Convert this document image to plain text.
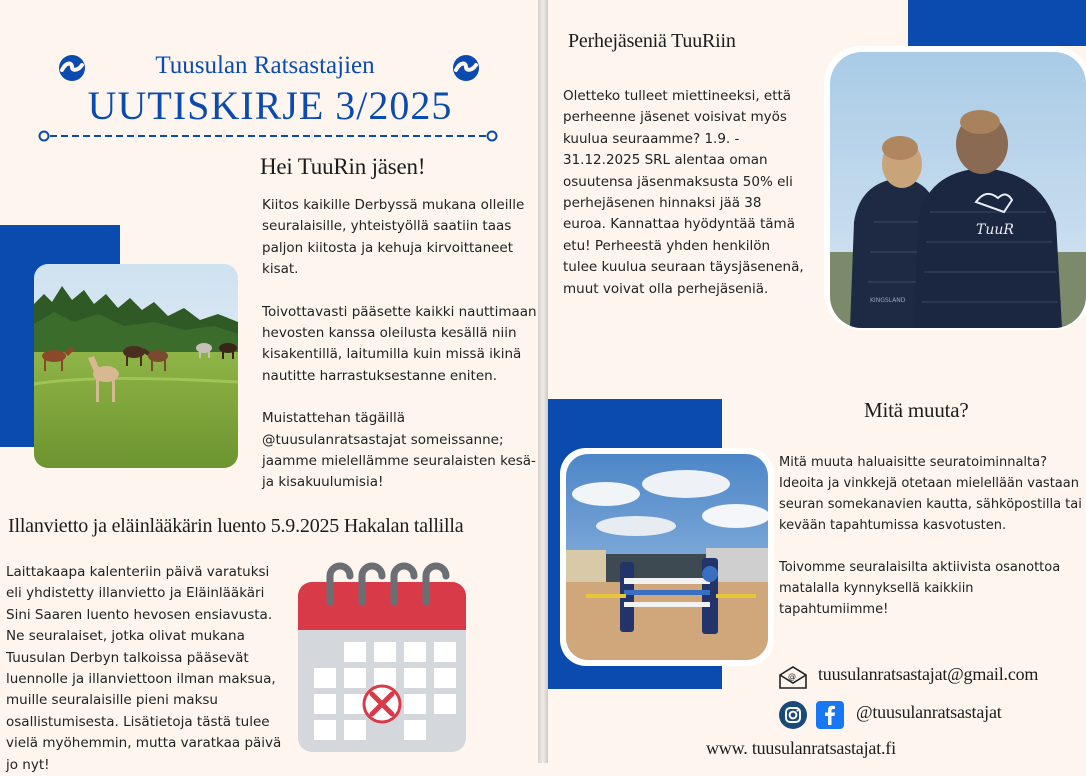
Tuusulan Ratsastajien
UUTISKIRJE 3/2025
Hei TuuRin jäsen!

Kiitos kaikille Derbyssä mukana olleille seuralaisille, yhteistyöllä saatiin taas paljon kiitosta ja kehuja kirvoittaneet kisat.

Toivottavasti pääsette kaikki nauttimaan hevosten kanssa oleilusta kesällä niin kisakentillä, laitumilla kuin missä ikinä nautitte harrastuksestanne eniten.

Muistattehan tägäillä @tuusulanratsastajat someissanne; jaamme mielellämme seuralaisten kesä- ja kisakuulumisia!

Illanvietto ja eläinlääkärin luento 5.9.2025 Hakalan tallilla
Laittakaapa kalenteriin päivä varatuksi eli yhdistetty illanvietto ja Eläinlääkäri Sini Saaren luento hevosen ensiavusta. Ne seuralaiset, jotka olivat mukana Tuusulan Derbyn talkoissa pääsevät luennolle ja illanviettoon ilman maksua, muille seuralaisille pieni maksu osallistumisesta. Lisätietoja tästä tulee vielä myöhemmin, mutta varatkaa päivä jo nyt!
Perhejäseniä TuuRiin
Oletteko tulleet miettineeksi, että perheenne jäsenet voisivat myös kuulua seuraamme? 1.9. - 31.12.2025 SRL alentaa oman osuutensa jäsenmaksusta 50% eli perhejäsenen hinnaksi jää 38 euroa. Kannattaa hyödyntää tämä etu! Perheestä yhden henkilön tulee kuulua seuraan täysjäsenenä, muut voivat olla perhejäseniä.
TuuR
KINGSLAND
Mitä muuta?

Mitä muuta haluaisitte seuratoiminnalta? Ideoita ja vinkkejä otetaan mielellään vastaan seuran somekanavien kautta, sähköpostilla tai kevään tapahtumissa kasvotusten.

Toivomme seuralaisilta aktiivista osanottoa matalalla kynnyksellä kaikkiin tapahtumiimme!

@ tuusulanratsastajat@gmail.com
@tuusulanratsastajat
www. tuusulanratsastajat.fi
